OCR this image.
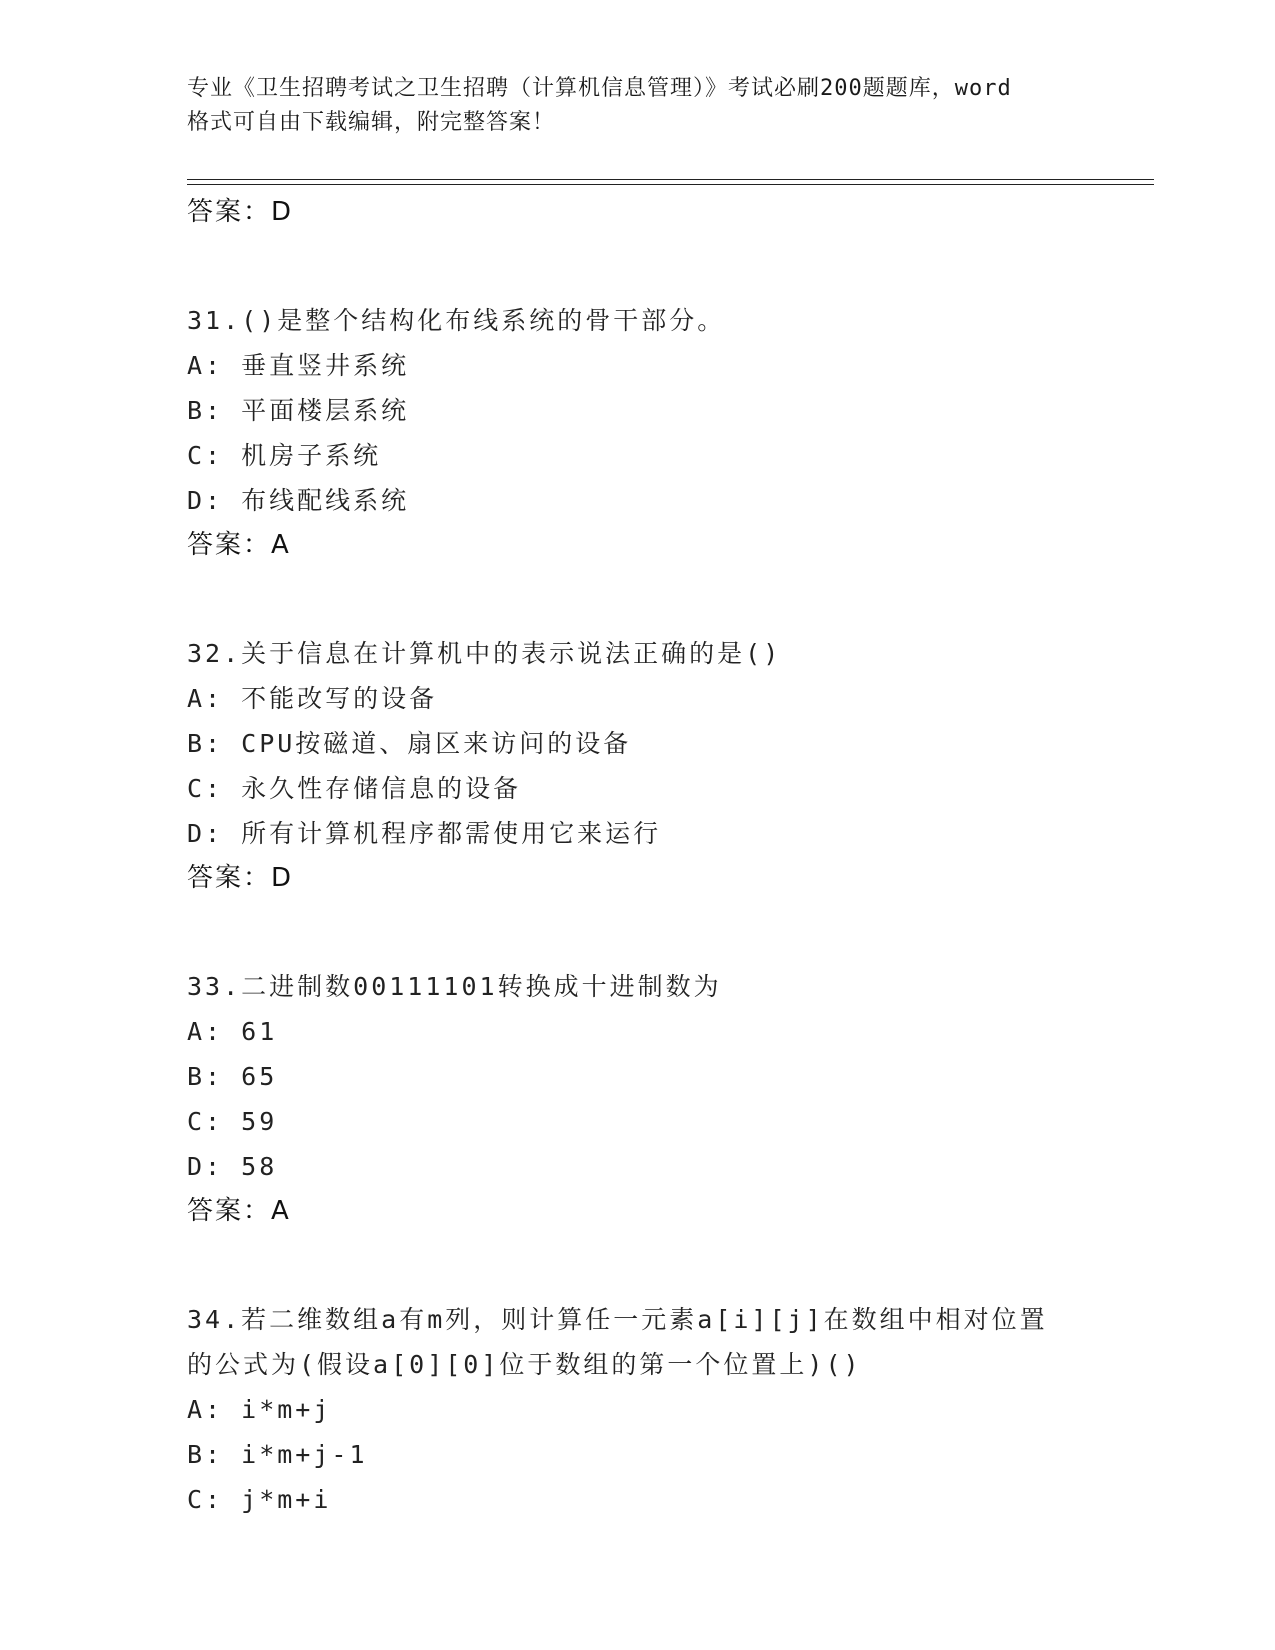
专业《卫生招聘考试之卫生招聘（计算机信息管理）》考试必刷200题题库，word
格式可自由下载编辑，附完整答案！
答案：D
31.()是整个结构化布线系统的骨干部分。
A: 垂直竖井系统
B: 平面楼层系统
C: 机房子系统
D: 布线配线系统
答案：A
32.关于信息在计算机中的表示说法正确的是()
A: 不能改写的设备
B: CPU按磁道、扇区来访问的设备
C: 永久性存储信息的设备
D: 所有计算机程序都需使用它来运行
答案：D
33.二进制数00111101转换成十进制数为
A: 61
B: 65
C: 59
D: 58
答案：A
34.若二维数组a有m列，则计算任一元素a[i][j]在数组中相对位置
的公式为(假设a[0][0]位于数组的第一个位置上)()
A: i*m+j
B: i*m+j-1
C: j*m+i
